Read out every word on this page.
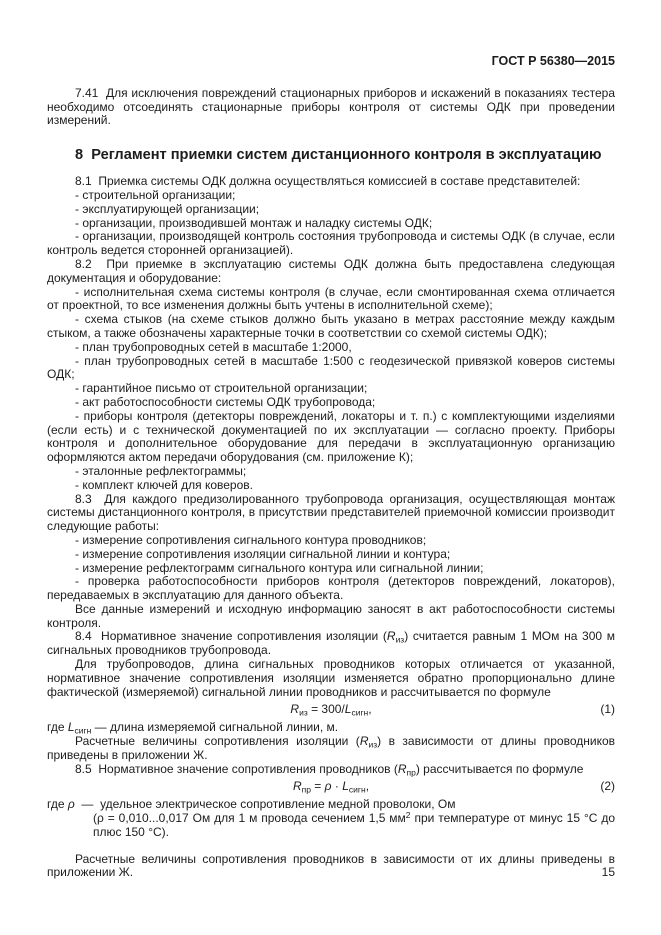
ГОСТ Р 56380—2015

7.41  Для исключения повреждений стационарных приборов и искажений в показаниях тестера необходимо отсоединять стационарные приборы контроля от системы ОДК при проведении измерений.

8  Регламент приемки систем дистанционного контроля в эксплуатацию

8.1  Приемка системы ОДК должна осуществляться комиссией в составе представителей:

- строительной организации;

- эксплуатирующей организации;

- организации, производившей монтаж и наладку системы ОДК;

- организации, производящей контроль состояния трубопровода и системы ОДК (в случае, если контроль ведется сторонней организацией).

8.2  При приемке в эксплуатацию системы ОДК должна быть предоставлена следующая документация и оборудование:

- исполнительная схема системы контроля (в случае, если смонтированная схема отличается от проектной, то все изменения должны быть учтены в исполнительной схеме);

- схема стыков (на схеме стыков должно быть указано в метрах расстояние между каждым стыком, а также обозначены характерные точки в соответствии со схемой системы ОДК);

- план трубопроводных сетей в масштабе 1:2000,

- план трубопроводных сетей в масштабе 1:500 с геодезической привязкой коверов системы ОДК;

- гарантийное письмо от строительной организации;

- акт работоспособности системы ОДК трубопровода;

- приборы контроля (детекторы повреждений, локаторы и т. п.) с комплектующими изделиями (если есть) и с технической документацией по их эксплуатации — согласно проекту. Приборы контроля и дополнительное оборудование для передачи в эксплуатационную организацию оформляются актом передачи оборудования (см. приложение К);

- эталонные рефлектограммы;

- комплект ключей для коверов.

8.3  Для каждого предизолированного трубопровода организация, осуществляющая монтаж системы дистанционного контроля, в присутствии представителей приемочной комиссии производит следующие работы:

- измерение сопротивления сигнального контура проводников;

- измерение сопротивления изоляции сигнальной линии и контура;

- измерение рефлектограмм сигнального контура или сигнальной линии;

- проверка работоспособности приборов контроля (детекторов повреждений, локаторов), передаваемых в эксплуатацию для данного объекта.

Все данные измерений и исходную информацию заносят в акт работоспособности системы контроля.

8.4  Нормативное значение сопротивления изоляции $(R_{из})$ считается равным 1 МОм на 300 м сигнальных проводников трубопровода.

Для трубопроводов, длина сигнальных проводников которых отличается от указанной, нормативное значение сопротивления изоляции изменяется обратно пропорционально длине фактической (измеряемой) сигнальной линии проводников и рассчитывается по формуле

$R_{из} = 300/L_{сигн}$,	(1)

где $L_{сигн}$ — длина измеряемой сигнальной линии, м.

Расчетные величины сопротивления изоляции $(R_{из})$ в зависимости от длины проводников приведены в приложении Ж.

8.5  Нормативное значение сопротивления проводников $(R_{пр})$ рассчитывается по формуле

$R_{пр} = \rho \cdot L_{сигн}$,	(2)

где ρ  —  удельное электрическое сопротивление медной проволоки, Ом

(ρ = 0,010...0,017 Ом для 1 м провода сечением 1,5 $мм^2$ при температуре от минус 15 °С до плюс 150 °С).

Расчетные величины сопротивления проводников в зависимости от их длины приведены в приложении Ж.	15
